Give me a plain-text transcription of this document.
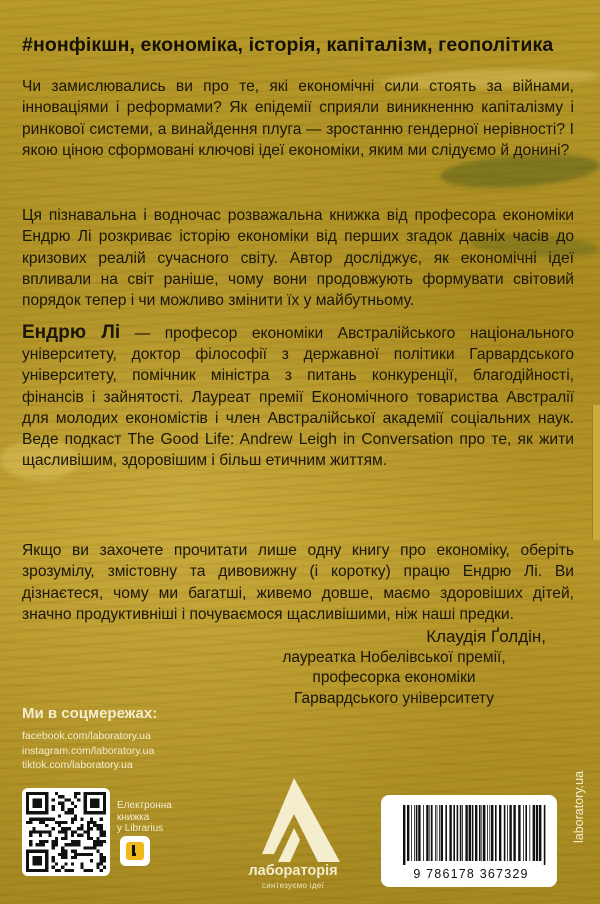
#нонфікшн, економіка, історія, капіталізм, геополітика

Чи замислювались ви про те, які економічні сили стоять за війнами, інноваціями і реформами? Як епідемії сприяли виникненню капіталізму і ринкової системи, а винайдення плуга — зростанню гендерної нерівності? І якою ціною сформовані ключові ідеї економіки, яким ми слідуємо й донині?

Ця пізнавальна і водночас розважальна книжка від професора економіки Ендрю Лі розкриває історію економіки від перших згадок давніх часів до кризових реалій сучасного світу. Автор досліджує, як економічні ідеї впливали на світ раніше, чому вони продовжують формувати світовий порядок тепер і чи можливо змінити їх у майбутньому.

Ендрю Лі — професор економіки Австралійського національного університету, доктор філософії з державної політики Гарвардського університету, помічник міністра з питань конкуренції, благодійності, фінансів і зайнятості. Лауреат премії Економічного товариства Австралії для молодих економістів і член Австралійської академії соціальних наук. Веде подкаст The Good Life: Andrew Leigh in Conversation про те, як жити щасливішим, здоровішим і більш етичним життям.

Якщо ви захочете прочитати лише одну книгу про економіку, оберіть зрозумілу, змістовну та дивовижну (і коротку) працю Ендрю Лі. Ви дізнаєтеся, чому ми багатші, живемо довше, маємо здоровіших дітей, значно продуктивніші і почуваємося щасливішими, ніж наші предки.

Клаудія Ґолдін,
лауреатка Нобелівської премії,
професорка економіки
Гарвардського університету
Ми в соцмережах:
facebook.com/laboratory.ua
instagram.com/laboratory.ua
tiktok.com/laboratory.ua
Електронна
книжка
у Librarius
лабораторія
синтезуємо ідеї
9 786178 367329
laboratory.ua
